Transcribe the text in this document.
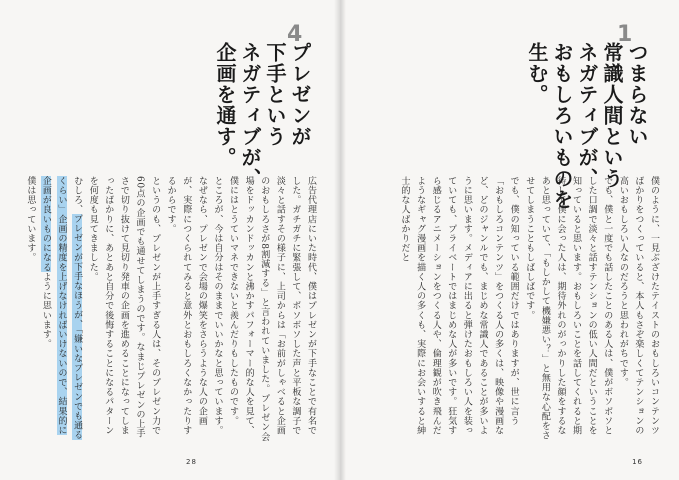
1
つまらない
常識人間という
ネガティブが、
おもしろいものを
生む。

僕のように、一見ぶざけたテイストのおもしろいコンテンツばかりをつくっていると、本人もさぞ楽しくてテンションの高いおもしろい人なのだろうと思われがちです。

でも、僕と一度でも話したことのある人は、僕がボソボソとした口調で淡々と話すテンションの低い人間だということを知っていると思います。おもしろいことを話してくれると期待して僕に会った人は、期待外れのがっかりした顔をするなあと思っていて、「もしかして機嫌悪い？」と無用な心配をさせてしまうこともしばしばです。

でも、僕の知っている範囲だけではありますが、世に言う「おもしろコンテンツ」をつくる人の多くは、映像や漫画など、どのジャンルでも、まじめな常識人であることが多いように思います。メディアに出ると弾けたおもしろい人を装っていても、プライベートではまじめな人が多いです。狂気すら感じるアニメーションをつくる人や、倫理観が吹き飛んだようなギャグ漫画を描く人の多くも、実際にお会いすると紳士的な人ばかりだと

16
4
プレゼンが
下手という
ネガティブが、
企画を通す。

広告代理店にいた時代、僕はプレゼンが下手なことで有名でした。ガチガチに緊張して、ボソボソした声と平板な調子で淡々と話すその様子に、上司からは「お前がしゃべると企画のおもしろさが8割減する」と言われていました。プレゼン会場をドッカンドッカンと沸かすパフォーマー的な人を見て、僕にはとうていマネできないと羨んだりもしたものです。

ところが、今は自分はそのままでいいかなと思っています。なぜなら、プレゼンで会場の爆笑をさらうような人の企画が、実際につくられてみると意外とおもしろくなかったりするからです。

というのも、プレゼンが上手すぎる人は、そのプレゼン力で60点の企画でも通せてしまうのです。なまじプレゼンの上手さで切り抜けて見切り発車の企画を進めることになってしまったばかりに、あとあと自分で後悔することになるパターンを何度も見てきました。

むしろ、プレゼンが下手なほうが、「嫌いなプレゼンでも通るくらい」企画の精度を上げなければいけないので、結果的に企画が良いものになるように思います。

僕は思っています。

28
